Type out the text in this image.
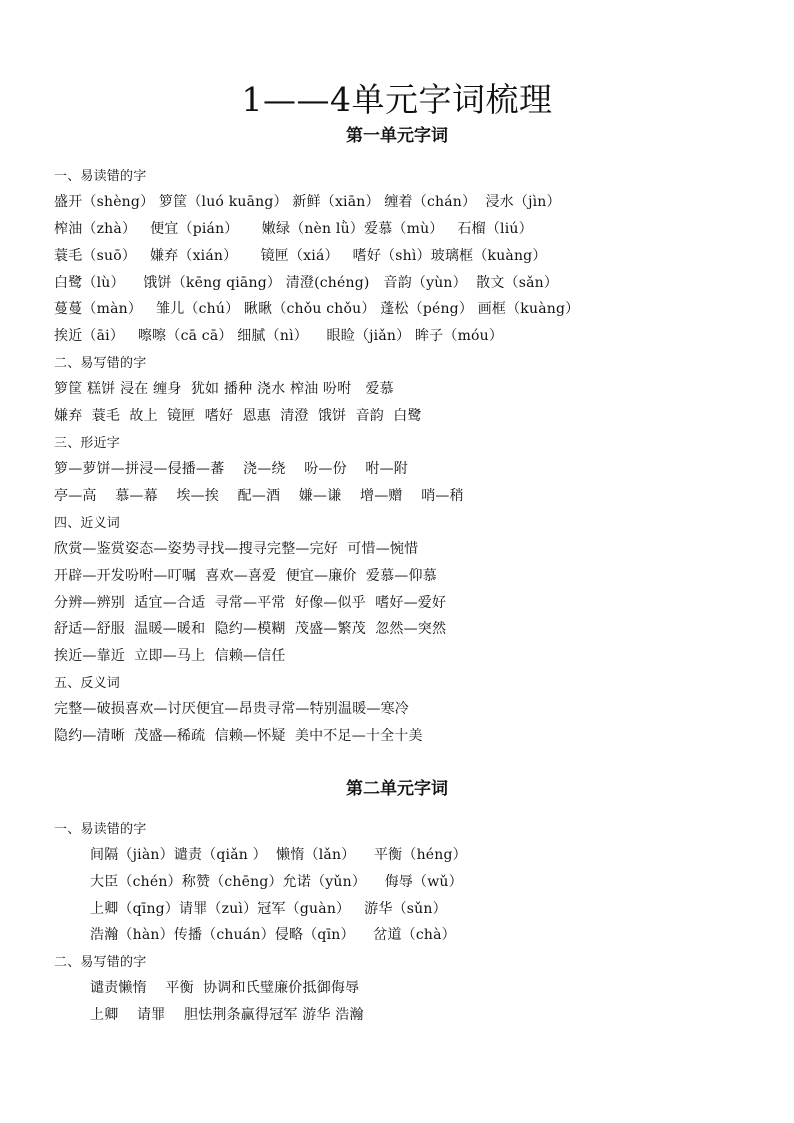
1——4单元字词梳理
第一单元字词
一、易读错的字
盛开（shèng） 箩筐（luó kuāng） 新鲜（xiān） 缠着（chán）  浸水（jìn）
榨油（zhà）   便宜（pián）     嫩绿（nèn lǜ）爱慕（mù）   石榴（liú）
蓑毛（suō）   嫌弃（xián）     镜匣（xiá）   嗜好（shì）玻璃框（kuàng）
白鹭（lù）    饿饼（kēng qiāng） 清澄(chéng)   音韵（yùn）  散文（sǎn）
蔓蔓（màn）   雏儿（chú） 瞅瞅（chǒu chǒu） 蓬松（péng） 画框（kuàng）
挨近（āi）   嚓嚓（cā cā） 细腻（nì）    眼睑（jiǎn） 眸子（móu）
二、易写错的字
箩筐 糕饼 浸在 缠身  犹如 播种 浇水 榨油 吩咐   爱慕
嫌弃  蓑毛  故上  镜匣  嗜好  恩惠  清澄  饿饼  音韵  白鹭
三、形近字
箩—萝饼—拼浸—侵播—蕃    浇—绕    吩—份    咐—附
亭—高    慕—幕    埃—挨    配—酒    嫌—谦    增—赠    哨—稍
四、近义词
欣赏—鉴赏姿态—姿势寻找—搜寻完整—完好  可惜—惋惜
开辟—开发吩咐—叮嘱  喜欢—喜爱  便宜—廉价  爱慕—仰慕
分辨—辨别  适宜—合适  寻常—平常  好像—似乎  嗜好—爱好
舒适—舒服  温暖—暖和  隐约—模糊  茂盛—繁茂  忽然—突然
挨近—靠近  立即—马上  信赖—信任
五、反义词
完整—破损喜欢—讨厌便宜—昂贵寻常—特别温暖—寒冷
隐约—清晰  茂盛—稀疏  信赖—怀疑  美中不足—十全十美
第二单元字词
一、易读错的字
间隔（jiàn）谴责（qiǎn ）  懒惰（lǎn）    平衡（héng）
大臣（chén）称赞（chēng）允诺（yǔn）    侮辱（wǔ）
上卿（qīng）请罪（zuì）冠军（guàn）   游华（sǔn）
浩瀚（hàn）传播（chuán）侵略（qīn）    岔道（chà）
二、易写错的字
谴责懒惰    平衡  协调和氏璧廉价抵御侮辱
上卿    请罪    胆怯荆条赢得冠军 游华 浩瀚
